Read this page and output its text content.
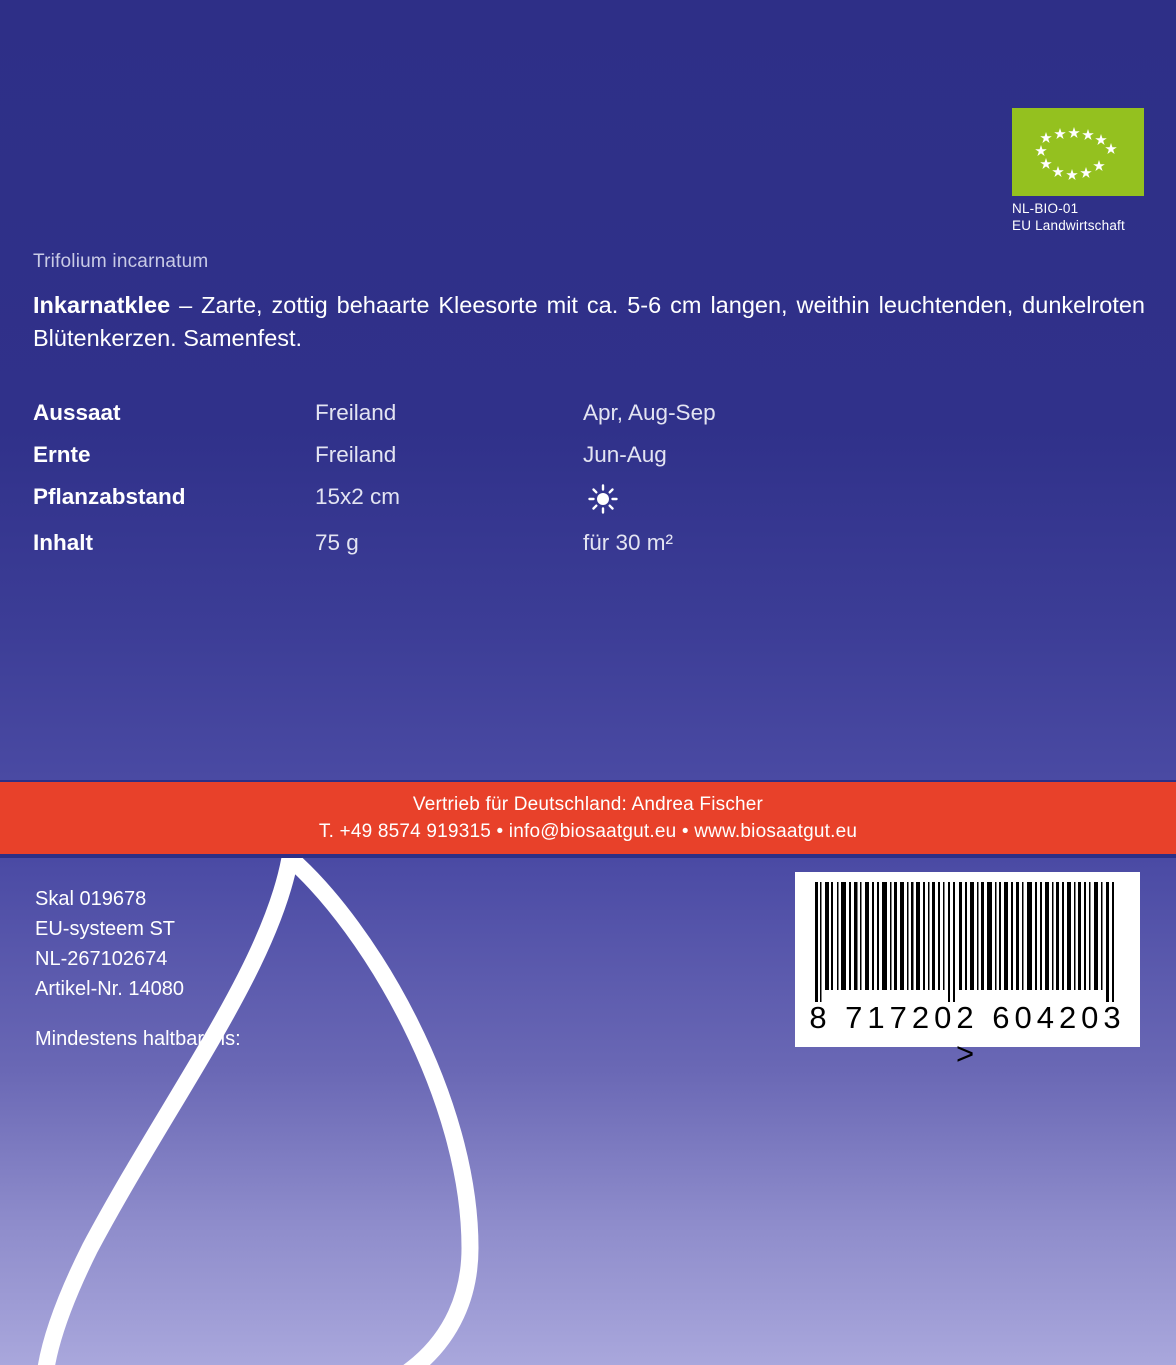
NL-BIO-01
EU Landwirtschaft
Trifolium incarnatum
Inkarnatklee – Zarte, zottig behaarte Kleesorte mit ca. 5-6 cm langen, weithin leuchtenden, dunkelroten Blütenkerzen. Samenfest.
Aussaat	Freiland	Apr, Aug-Sep
Ernte	Freiland	Jun-Aug
Pflanzabstand	15x2 cm	
Inhalt	75 g	für 30 m²
Vertrieb für Deutschland: Andrea Fischer
T. +49 8574 919315 • info@biosaatgut.eu • www.biosaatgut.eu
Skal 019678
EU-systeem ST
NL-267102674
Artikel-Nr. 14080
Mindestens haltbar bis:
8 717202 604203 >
